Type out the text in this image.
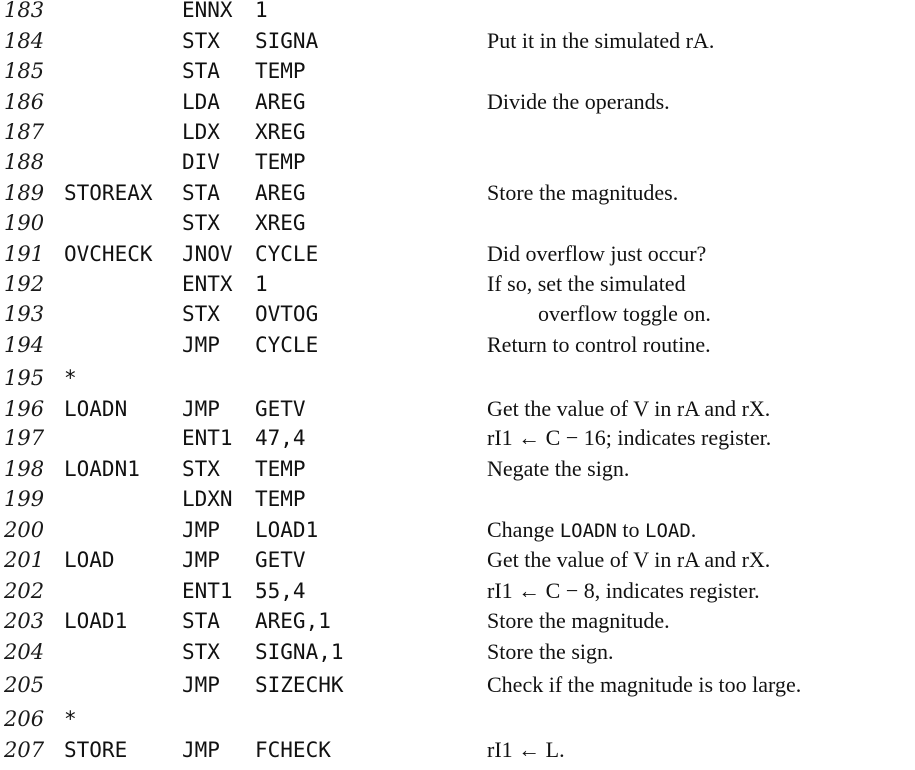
183	ENNX 1
184	STX SIGNA	Put it in the simulated rA.
185	STA TEMP
186	LDA AREG	Divide the operands.
187	LDX XREG
188	DIV TEMP
189 STOREAX STA AREG	Store the magnitudes.
190	STX XREG
191 OVCHECK JNOV CYCLE	Did overflow just occur?
192	ENTX 1	If so, set the simulated
193	STX OVTOG	overflow toggle on.
194	JMP CYCLE	Return to control routine.
195 *
196 LOADN	JMP GETV	Get the value of V in rA and rX.
197	ENT1 47,4	rI1 ← C − 16; indicates register.
198 LOADN1 STX TEMP	Negate the sign.
199	LDXN TEMP
200	JMP LOAD1	Change LOADN to LOAD.
201 LOAD	JMP GETV	Get the value of V in rA and rX.
202	ENT1 55,4	rI1 ← C − 8, indicates register.
203 LOAD1	STA AREG,1	Store the magnitude.
204	STX SIGNA,1	Store the sign.
205	JMP SIZECHK	Check if the magnitude is too large.
206 *
207 STORE	JMP FCHECK	rI1 ← L.
